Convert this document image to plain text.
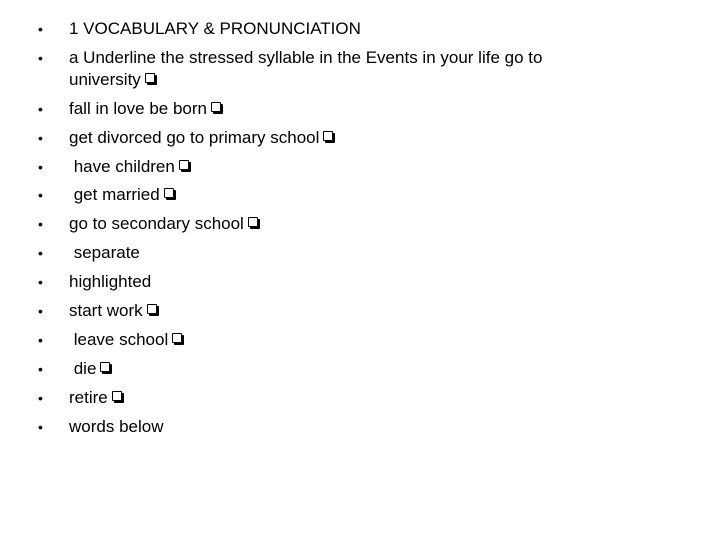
• 1 VOCABULARY & PRONUNCIATION
• a Underline the stressed syllable in the Events in your life go to
university
• fall in love be born
• get divorced go to primary school
• have children
• get married
• go to secondary school
• separate
• highlighted
• start work
• leave school
• die
• retire
• words below
